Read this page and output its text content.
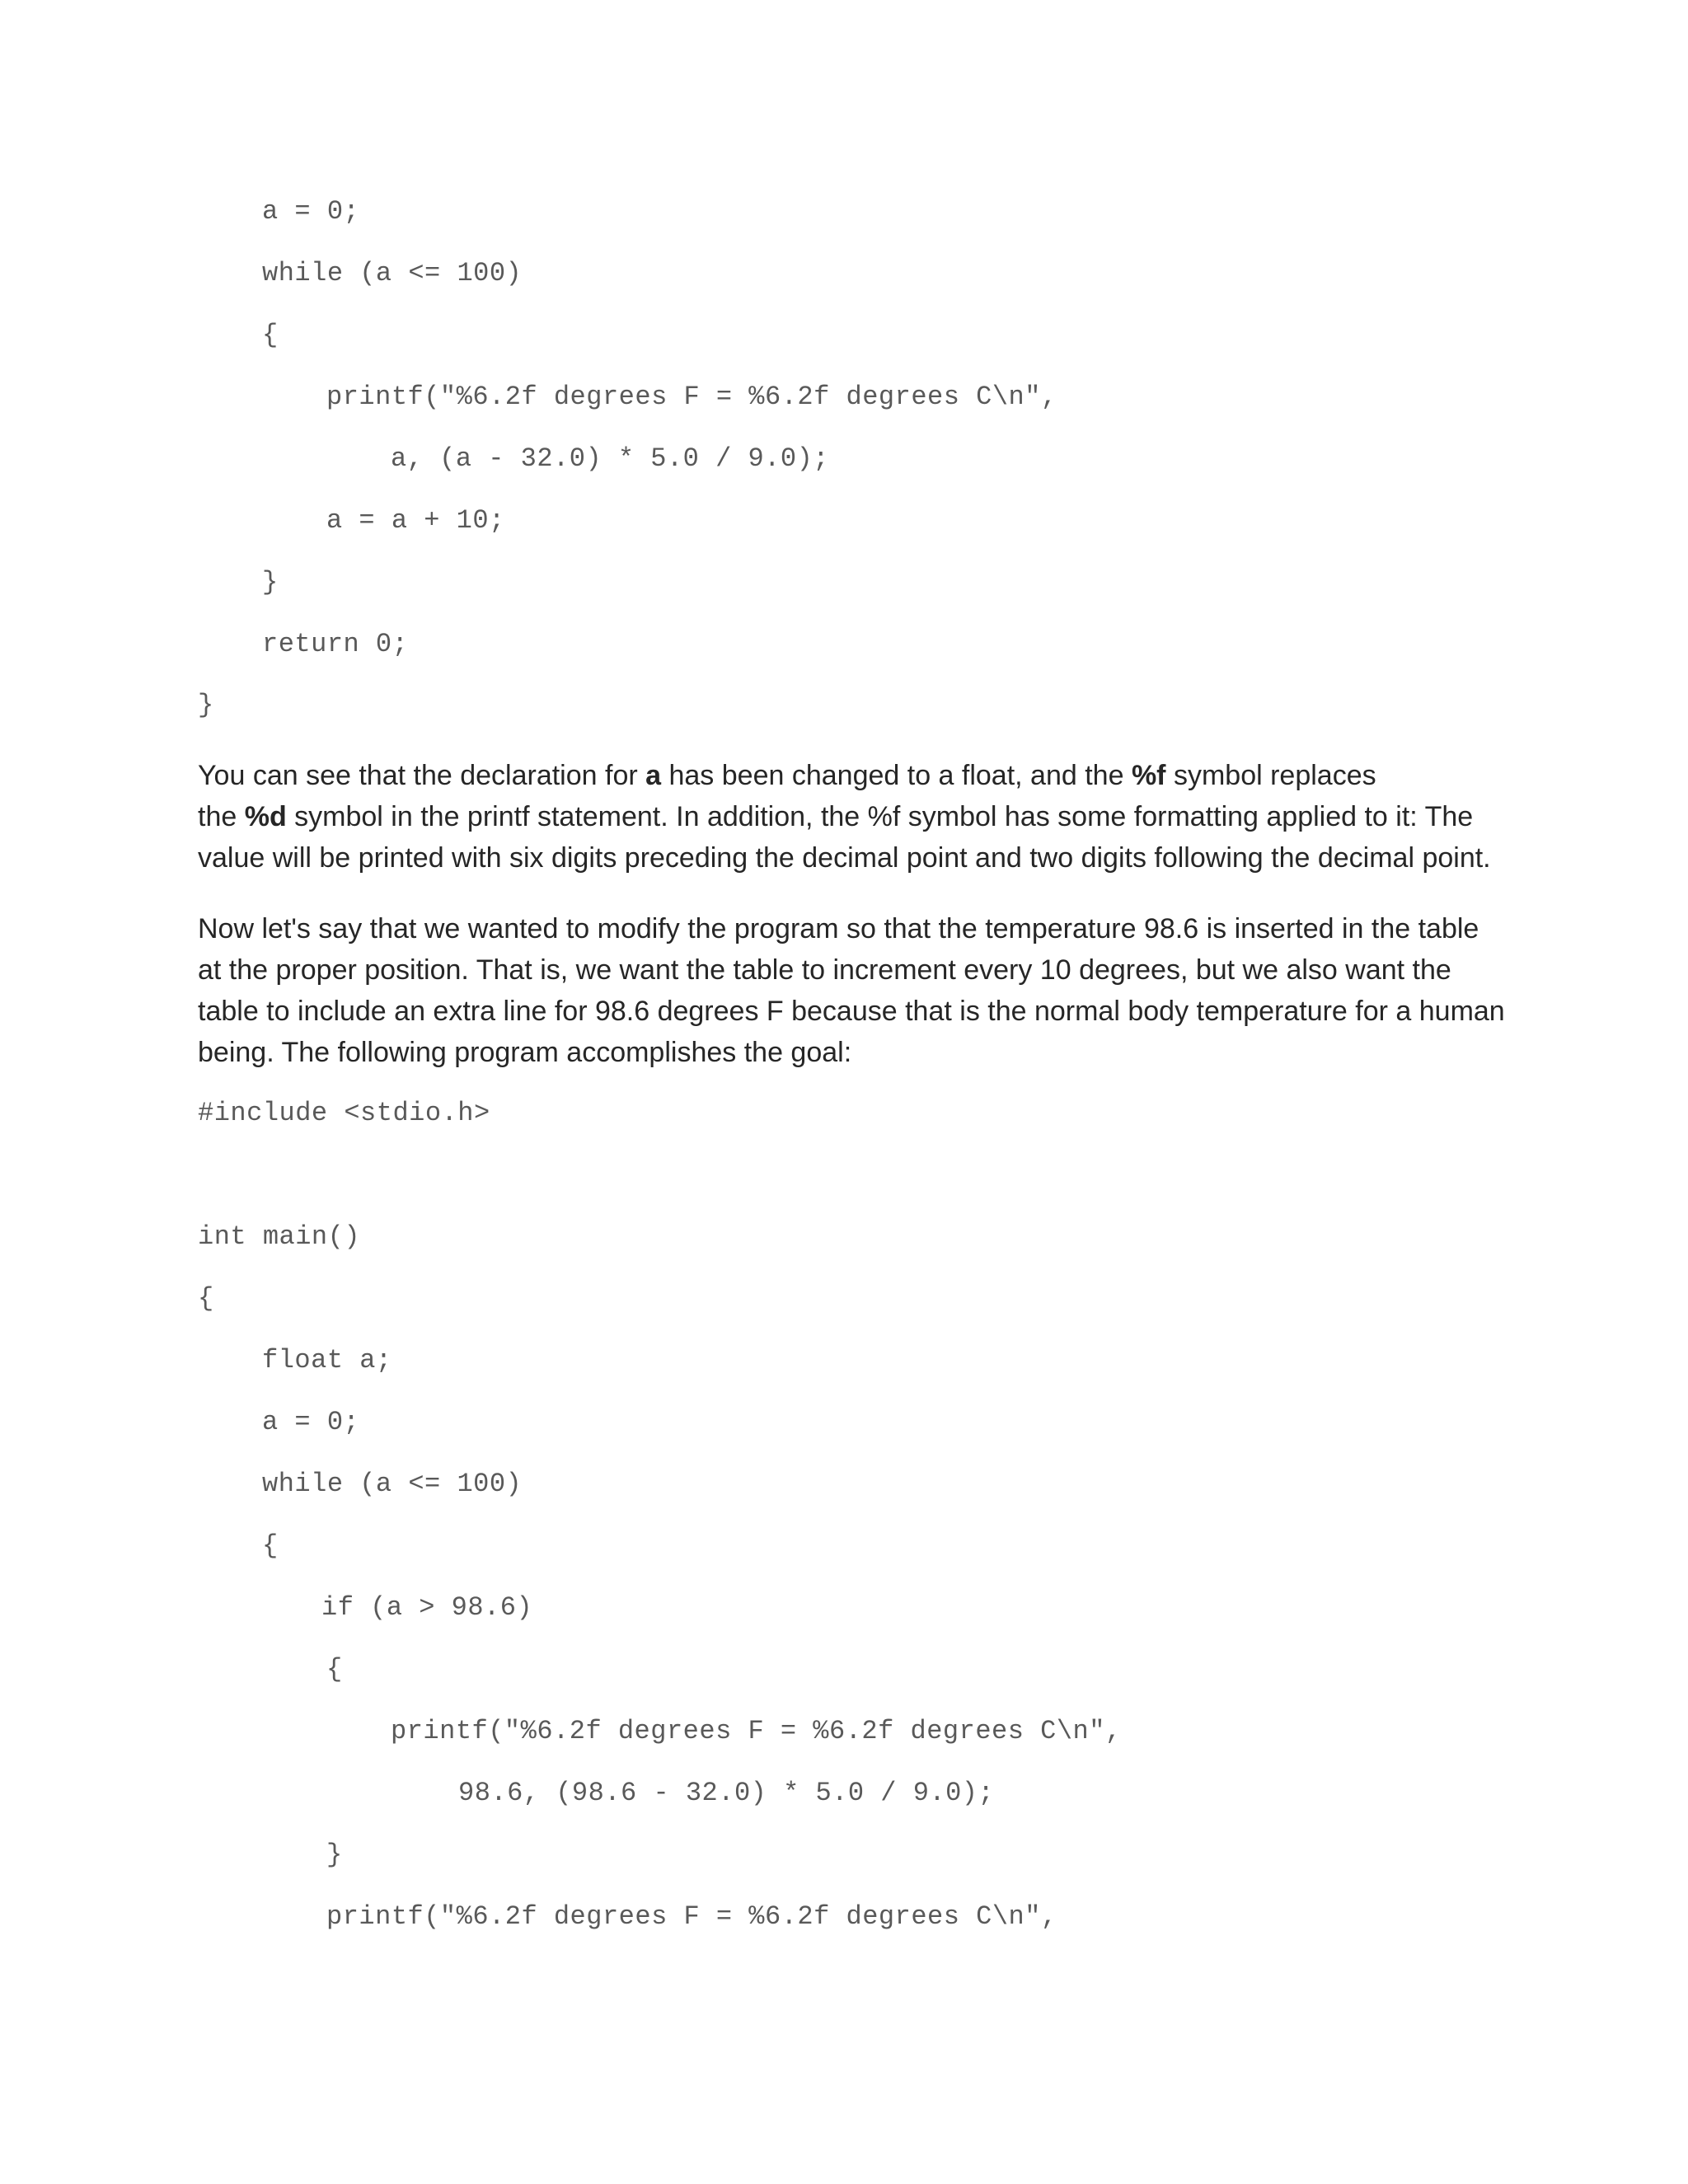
a = 0;
while (a <= 100)
{
printf("%6.2f degrees F = %6.2f degrees C\n",
a, (a - 32.0) * 5.0 / 9.0);
a = a + 10;
}
return 0;
}

You can see that the declaration for a has been changed to a float, and the %f symbol replaces

the %d symbol in the printf statement. In addition, the %f symbol has some formatting applied to it: The

value will be printed with six digits preceding the decimal point and two digits following the decimal point.

Now let's say that we wanted to modify the program so that the temperature 98.6 is inserted in the table

at the proper position. That is, we want the table to increment every 10 degrees, but we also want the

table to include an extra line for 98.6 degrees F because that is the normal body temperature for a human

being. The following program accomplishes the goal:

#include <stdio.h>
int main()
{
float a;
a = 0;
while (a <= 100)
{
if (a > 98.6)
{
printf("%6.2f degrees F = %6.2f degrees C\n",
98.6, (98.6 - 32.0) * 5.0 / 9.0);
}
printf("%6.2f degrees F = %6.2f degrees C\n",
